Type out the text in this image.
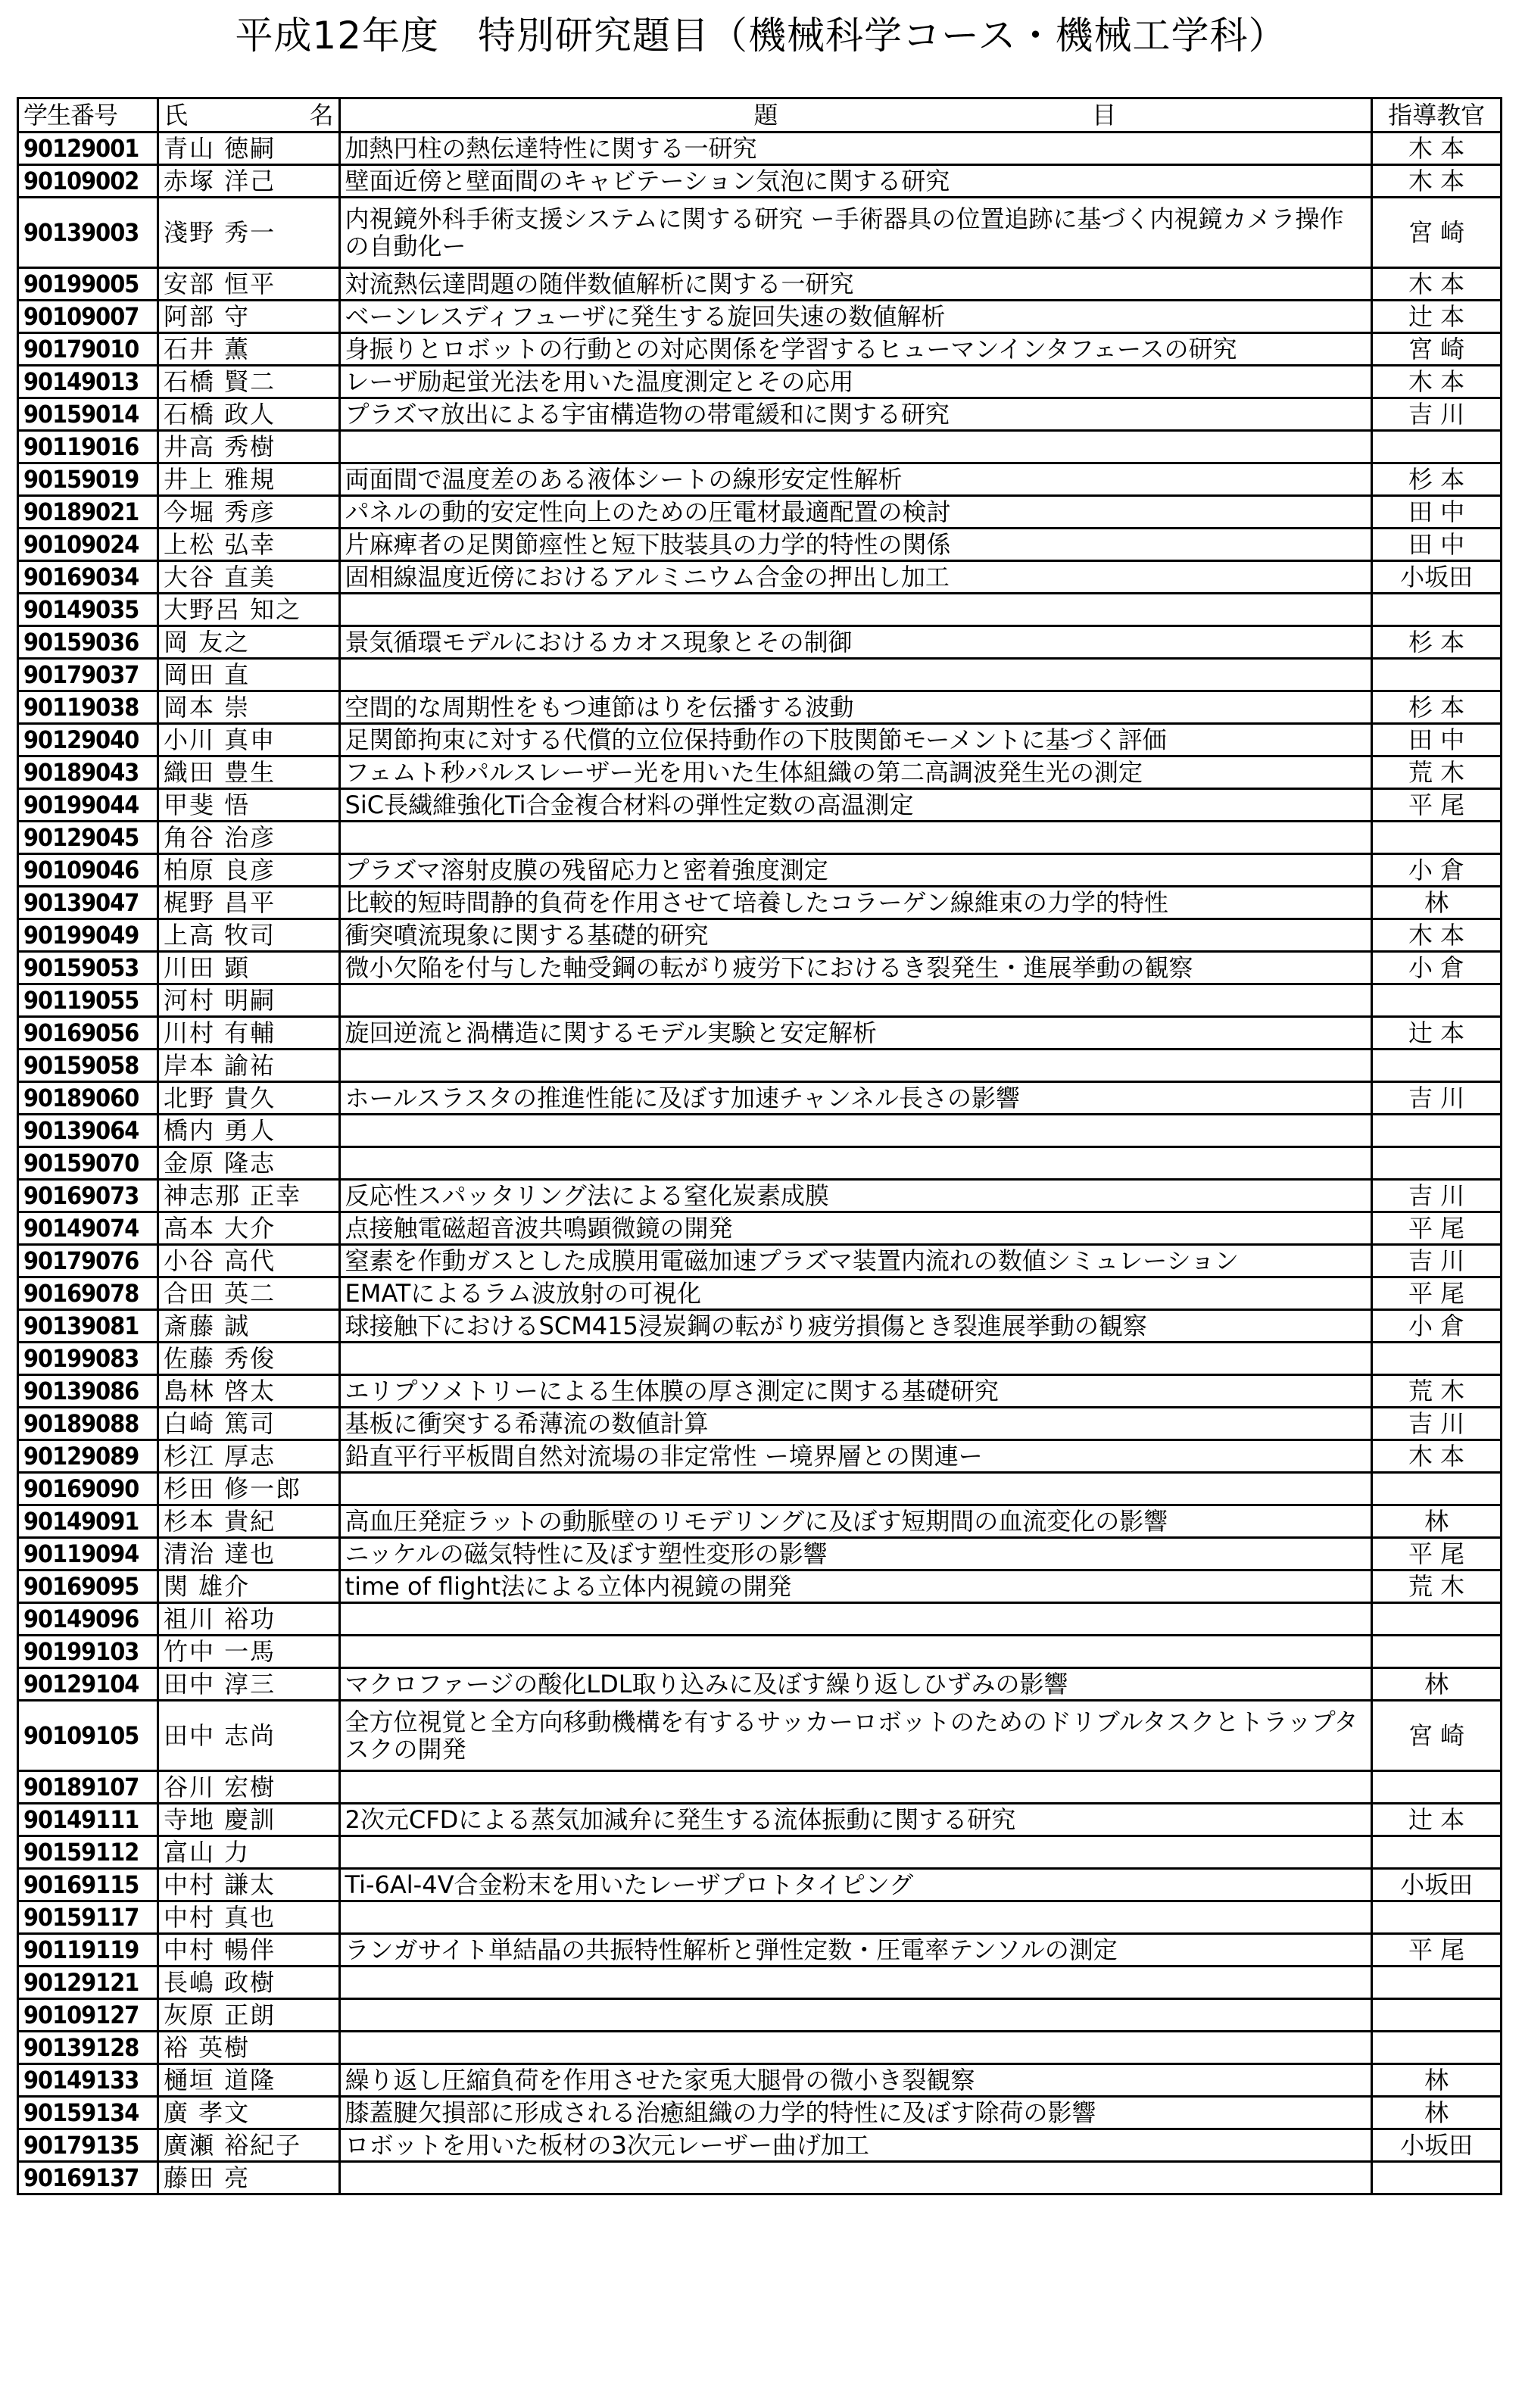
平成12年度　特別研究題目（機械科学コース・機械工学科）
学生番号	氏 名	題 目	指導教官
90129001	青山 徳嗣	加熱円柱の熱伝達特性に関する一研究	木 本
90109002	赤塚 洋己	壁面近傍と壁面間のキャビテーション気泡に関する研究	木 本
90139003	淺野 秀一	内視鏡外科手術支援システムに関する研究 ー手術器具の位置追跡に基づく内視鏡カメラ操作の自動化ー	宮 崎
90199005	安部 恒平	対流熱伝達問題の随伴数値解析に関する一研究	木 本
90109007	阿部 守	ベーンレスディフューザに発生する旋回失速の数値解析	辻 本
90179010	石井 薫	身振りとロボットの行動との対応関係を学習するヒューマンインタフェースの研究	宮 崎
90149013	石橋 賢二	レーザ励起蛍光法を用いた温度測定とその応用	木 本
90159014	石橋 政人	プラズマ放出による宇宙構造物の帯電緩和に関する研究	吉 川
90119016	井高 秀樹		
90159019	井上 雅規	両面間で温度差のある液体シートの線形安定性解析	杉 本
90189021	今堀 秀彦	パネルの動的安定性向上のための圧電材最適配置の検討	田 中
90109024	上松 弘幸	片麻痺者の足関節痙性と短下肢装具の力学的特性の関係	田 中
90169034	大谷 直美	固相線温度近傍におけるアルミニウム合金の押出し加工	小坂田
90149035	大野呂 知之		
90159036	岡 友之	景気循環モデルにおけるカオス現象とその制御	杉 本
90179037	岡田 直		
90119038	岡本 崇	空間的な周期性をもつ連節はりを伝播する波動	杉 本
90129040	小川 真申	足関節拘束に対する代償的立位保持動作の下肢関節モーメントに基づく評価	田 中
90189043	織田 豊生	フェムト秒パルスレーザー光を用いた生体組織の第二高調波発生光の測定	荒 木
90199044	甲斐 悟	SiC長繊維強化Ti合金複合材料の弾性定数の高温測定	平 尾
90129045	角谷 治彦		
90109046	柏原 良彦	プラズマ溶射皮膜の残留応力と密着強度測定	小 倉
90139047	梶野 昌平	比較的短時間静的負荷を作用させて培養したコラーゲン線維束の力学的特性	林
90199049	上高 牧司	衝突噴流現象に関する基礎的研究	木 本
90159053	川田 顕	微小欠陥を付与した軸受鋼の転がり疲労下におけるき裂発生・進展挙動の観察	小 倉
90119055	河村 明嗣		
90169056	川村 有輔	旋回逆流と渦構造に関するモデル実験と安定解析	辻 本
90159058	岸本 諭祐		
90189060	北野 貴久	ホールスラスタの推進性能に及ぼす加速チャンネル長さの影響	吉 川
90139064	橋内 勇人		
90159070	金原 隆志		
90169073	神志那 正幸	反応性スパッタリング法による窒化炭素成膜	吉 川
90149074	高本 大介	点接触電磁超音波共鳴顕微鏡の開発	平 尾
90179076	小谷 高代	窒素を作動ガスとした成膜用電磁加速プラズマ装置内流れの数値シミュレーション	吉 川
90169078	合田 英二	EMATによるラム波放射の可視化	平 尾
90139081	斎藤 誠	球接触下におけるSCM415浸炭鋼の転がり疲労損傷とき裂進展挙動の観察	小 倉
90199083	佐藤 秀俊		
90139086	島林 啓太	エリプソメトリーによる生体膜の厚さ測定に関する基礎研究	荒 木
90189088	白崎 篤司	基板に衝突する希薄流の数値計算	吉 川
90129089	杉江 厚志	鉛直平行平板間自然対流場の非定常性 ー境界層との関連ー	木 本
90169090	杉田 修一郎		
90149091	杉本 貴紀	高血圧発症ラットの動脈壁のリモデリングに及ぼす短期間の血流変化の影響	林
90119094	清治 達也	ニッケルの磁気特性に及ぼす塑性変形の影響	平 尾
90169095	関 雄介	time of flight法による立体内視鏡の開発	荒 木
90149096	祖川 裕功		
90199103	竹中 一馬		
90129104	田中 淳三	マクロファージの酸化LDL取り込みに及ぼす繰り返しひずみの影響	林
90109105	田中 志尚	全方位視覚と全方向移動機構を有するサッカーロボットのためのドリブルタスクとトラップタスクの開発	宮 崎
90189107	谷川 宏樹		
90149111	寺地 慶訓	2次元CFDによる蒸気加減弁に発生する流体振動に関する研究	辻 本
90159112	富山 力		
90169115	中村 謙太	Ti-6Al-4V合金粉末を用いたレーザプロトタイピング	小坂田
90159117	中村 真也		
90119119	中村 暢伴	ランガサイト単結晶の共振特性解析と弾性定数・圧電率テンソルの測定	平 尾
90129121	長嶋 政樹		
90109127	灰原 正朗		
90139128	裕 英樹		
90149133	樋垣 道隆	繰り返し圧縮負荷を作用させた家兎大腿骨の微小き裂観察	林
90159134	廣 孝文	膝蓋腱欠損部に形成される治癒組織の力学的特性に及ぼす除荷の影響	林
90179135	廣瀬 裕紀子	ロボットを用いた板材の3次元レーザー曲げ加工	小坂田
90169137	藤田 亮		
